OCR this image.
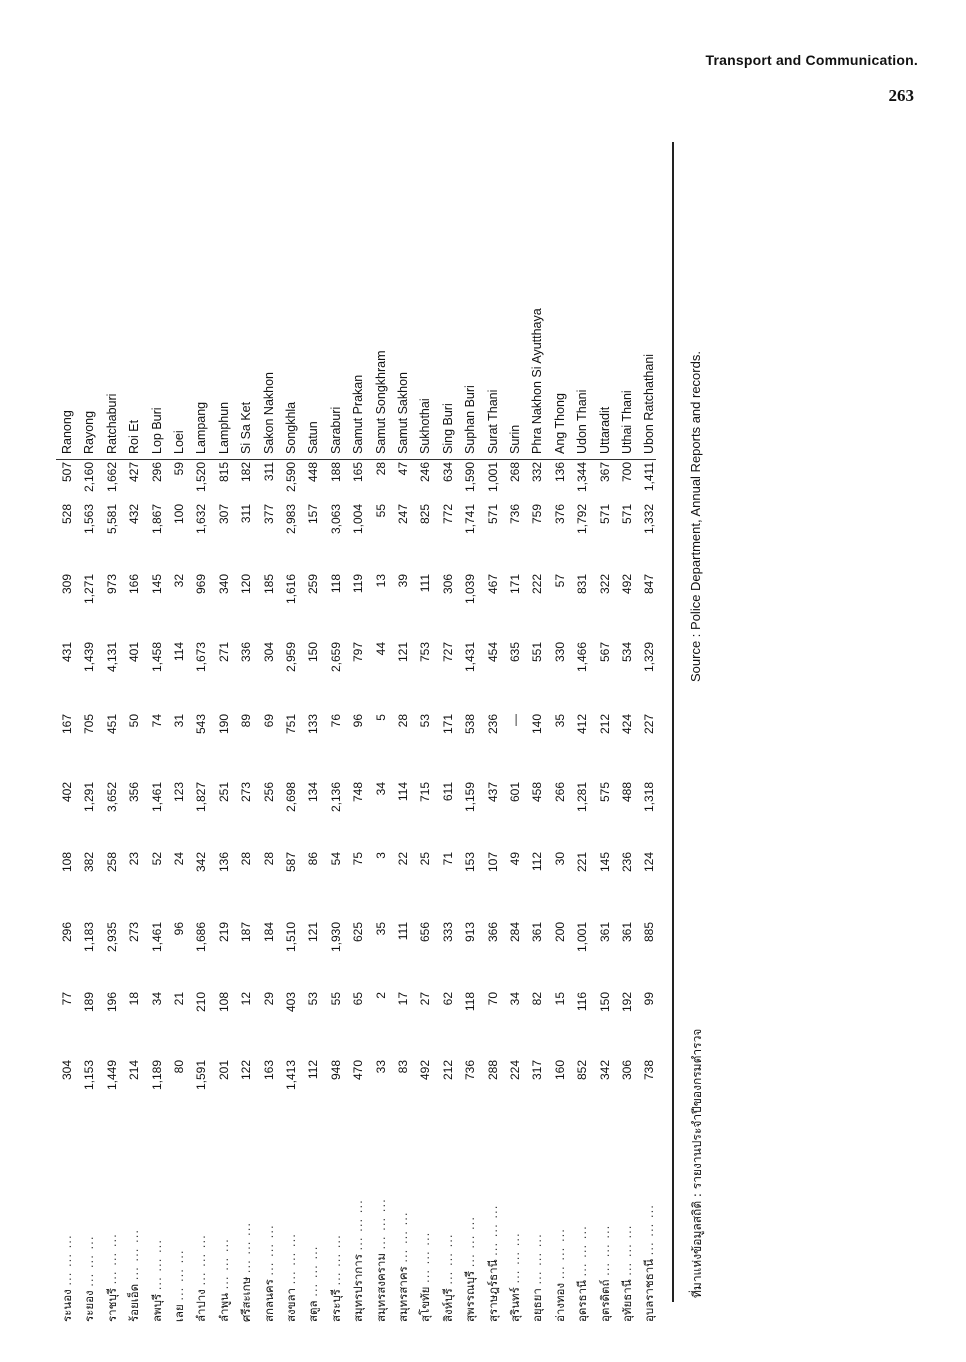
Transport and Communication.
263
ระนอง ... ... ...
304
77
296
108
402
167
431
309
528
507
Ranong
ระยอง ... ... ...
1,153
189
1,183
382
1,291
705
1,439
1,271
1,563
2,160
Rayong
ราชบุรี ... ... ...
1,449
196
2,935
258
3,652
451
4,131
973
5,581
1,662
Ratchaburi
ร้อยเอ็ด ... ... ...
214
18
273
23
356
50
401
166
432
427
Roi Et
ลพบุรี ... ... ...
1,189
34
1,461
52
1,461
74
1,458
145
1,867
296
Lop Buri
เลย ... ... ...
80
21
96
24
123
31
114
32
100
59
Loei
ลำปาง ... ... ...
1,591
210
1,686
342
1,827
543
1,673
969
1,632
1,520
Lampang
ลำพูน ... ... ...
201
108
219
136
251
190
271
340
307
815
Lamphun
ศรีสะเกษ ... ... ...
122
12
187
28
273
89
336
120
311
182
Si Sa Ket
สกลนคร ... ... ...
163
29
184
28
256
69
304
185
377
311
Sakon Nakhon
สงขลา ... ... ...
1,413
403
1,510
587
2,698
751
2,959
1,616
2,983
2,590
Songkhla
สตูล ... ... ...
112
53
121
86
134
133
150
259
157
448
Satun
สระบุรี ... ... ...
948
55
1,930
54
2,136
76
2,659
118
3,063
188
Saraburi
สมุทรปราการ ... ... ...
470
65
625
75
748
96
797
119
1,004
165
Samut Prakan
สมุทรสงคราม ... ... ...
33
2
35
3
34
5
44
13
55
28
Samut Songkhram
สมุทรสาคร ... ... ...
83
17
111
22
114
28
121
39
247
47
Samut Sakhon
สุโขทัย ... ... ...
492
27
656
25
715
53
753
111
825
246
Sukhothai
สิงห์บุรี ... ... ...
212
62
333
71
611
171
727
306
772
634
Sing Buri
สุพรรณบุรี ... ... ...
736
118
913
153
1,159
538
1,431
1,039
1,741
1,590
Suphan Buri
สุราษฎร์ธานี ... ... ...
288
70
366
107
437
236
454
467
571
1,001
Surat Thani
สุรินทร์ ... ... ...
224
34
284
49
601
—
635
171
736
268
Surin
อยุธยา ... ... ...
317
82
361
112
458
140
551
222
759
332
Phra Nakhon Si Ayutthaya
อ่างทอง ... ... ...
160
15
200
30
266
35
330
57
376
136
Ang Thong
อุดรธานี ... ... ...
852
116
1,001
221
1,281
412
1,466
831
1,792
1,344
Udon Thani
อุตรดิตถ์ ... ... ...
342
150
361
145
575
212
567
322
571
367
Uttaradit
อุทัยธานี ... ... ...
306
192
361
236
488
424
534
492
571
700
Uthai Thani
อุบลราชธานี ... ... ...
738
99
885
124
1,318
227
1,329
847
1,332
1,411
Ubon Ratchathani
ที่มาแห่งข้อมูลสถิติ : รายงานประจำปีของกรมตำรวจ
Source : Police Department, Annual Reports and records.
